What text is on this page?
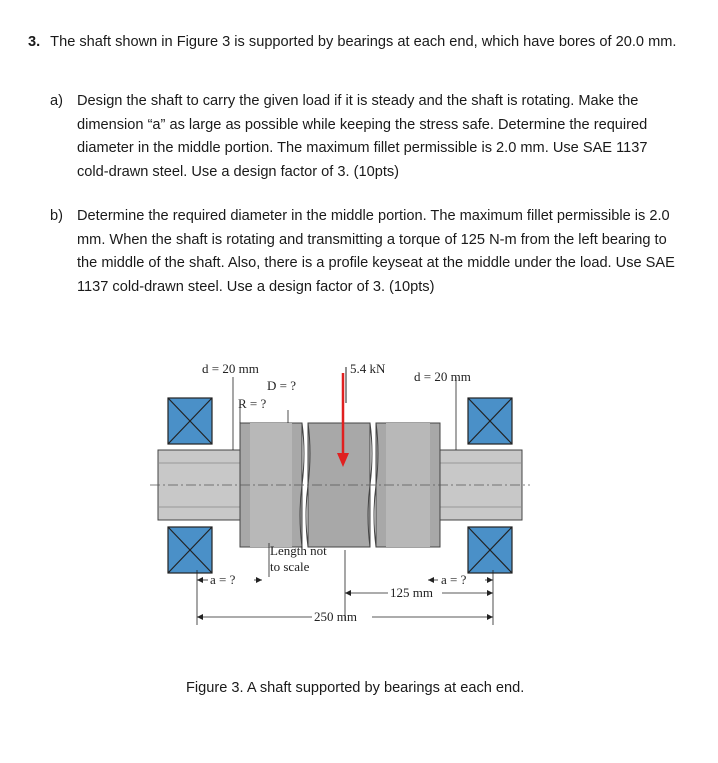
3. The shaft shown in Figure 3 is supported by bearings at each end, which have bores of 20.0 mm.
a) Design the shaft to carry the given load if it is steady and the shaft is rotating. Make the
dimension “a” as large as possible while keeping the stress safe. Determine the required
diameter in the middle portion. The maximum fillet permissible is 2.0 mm. Use SAE 1137
cold-drawn steel. Use a design factor of 3. (10pts)
b) Determine the required diameter in the middle portion. The maximum fillet permissible is 2.0
mm. When the shaft is rotating and transmitting a torque of 125 N-m from the left bearing to
the middle of the shaft. Also, there is a profile keyseat at the middle under the load. Use SAE
1137 cold-drawn steel. Use a design factor of 3. (10pts)
d = 20 mm
D = ?
R = ?
5.4 kN
d = 20 mm
Length not
to scale
a = ?	a = ?
125 mm
250 mm
Figure 3. A shaft supported by bearings at each end.
